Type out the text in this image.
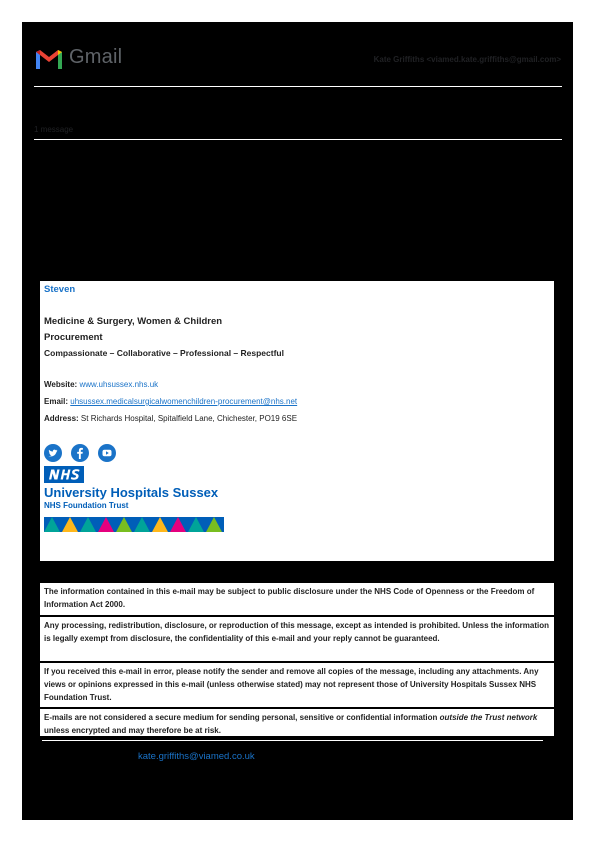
Gmail	Kate Griffiths <viamed.kate.griffiths@gmail.com>
1 message
Steven
Medicine & Surgery, Women & Children
Procurement
Compassionate – Collaborative – Professional – Respectful
Website: www.uhsussex.nhs.uk
Email: uhsussex.medicalsurgicalwomenchildren-procurement@nhs.net
Address: St Richards Hospital, Spitalfield Lane, Chichester, PO19 6SE
University Hospitals Sussex
NHS Foundation Trust
The information contained in this e-mail may be subject to public disclosure under the NHS Code of Openness or the Freedom of Information Act 2000.
Any processing, redistribution, disclosure, or reproduction of this message, except as intended is prohibited. Unless the information is legally exempt from disclosure, the confidentiality of this e-mail and your reply cannot be guaranteed.
If you received this e-mail in error, please notify the sender and remove all copies of the message, including any attachments. Any views or opinions expressed in this e-mail (unless otherwise stated) may not represent those of University Hospitals Sussex NHS Foundation Trust.
E-mails are not considered a secure medium for sending personal, sensitive or confidential information outside the Trust network unless encrypted and may therefore be at risk.
kate.griffiths@viamed.co.uk
